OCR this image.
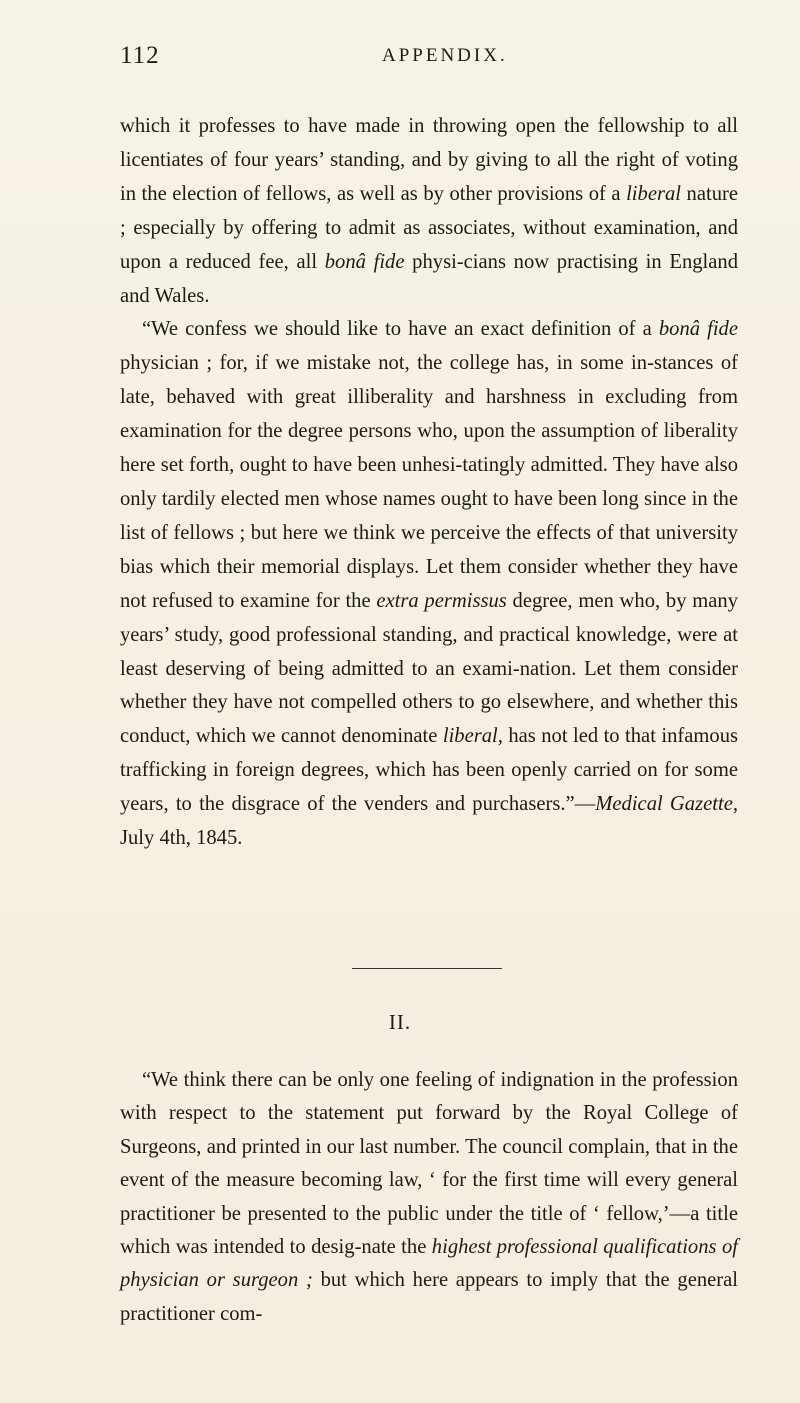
112	APPENDIX.

which it professes to have made in throwing open the fellowship to all licentiates of four years’ standing, and by giving to all the right of voting in the election of fellows, as well as by other provisions of a liberal nature ; especially by offering to admit as associates, without examination, and upon a reduced fee, all bonâ fide physi-cians now practising in England and Wales.

“We confess we should like to have an exact definition of a bonâ fide physician ; for, if we mistake not, the college has, in some in-stances of late, behaved with great illiberality and harshness in excluding from examination for the degree persons who, upon the assumption of liberality here set forth, ought to have been unhesi-tatingly admitted. They have also only tardily elected men whose names ought to have been long since in the list of fellows ; but here we think we perceive the effects of that university bias which their memorial displays. Let them consider whether they have not refused to examine for the extra permissus degree, men who, by many years’ study, good professional standing, and practical knowledge, were at least deserving of being admitted to an exami-nation. Let them consider whether they have not compelled others to go elsewhere, and whether this conduct, which we cannot denominate liberal, has not led to that infamous trafficking in foreign degrees, which has been openly carried on for some years, to the disgrace of the venders and purchasers.”—Medical Gazette, July 4th, 1845.

II.

“We think there can be only one feeling of indignation in the profession with respect to the statement put forward by the Royal College of Surgeons, and printed in our last number. The council complain, that in the event of the measure becoming law, ‘ for the first time will every general practitioner be presented to the public under the title of ‘ fellow,’—a title which was intended to desig-nate the highest professional qualifications of physician or surgeon ; but which here appears to imply that the general practitioner com-
